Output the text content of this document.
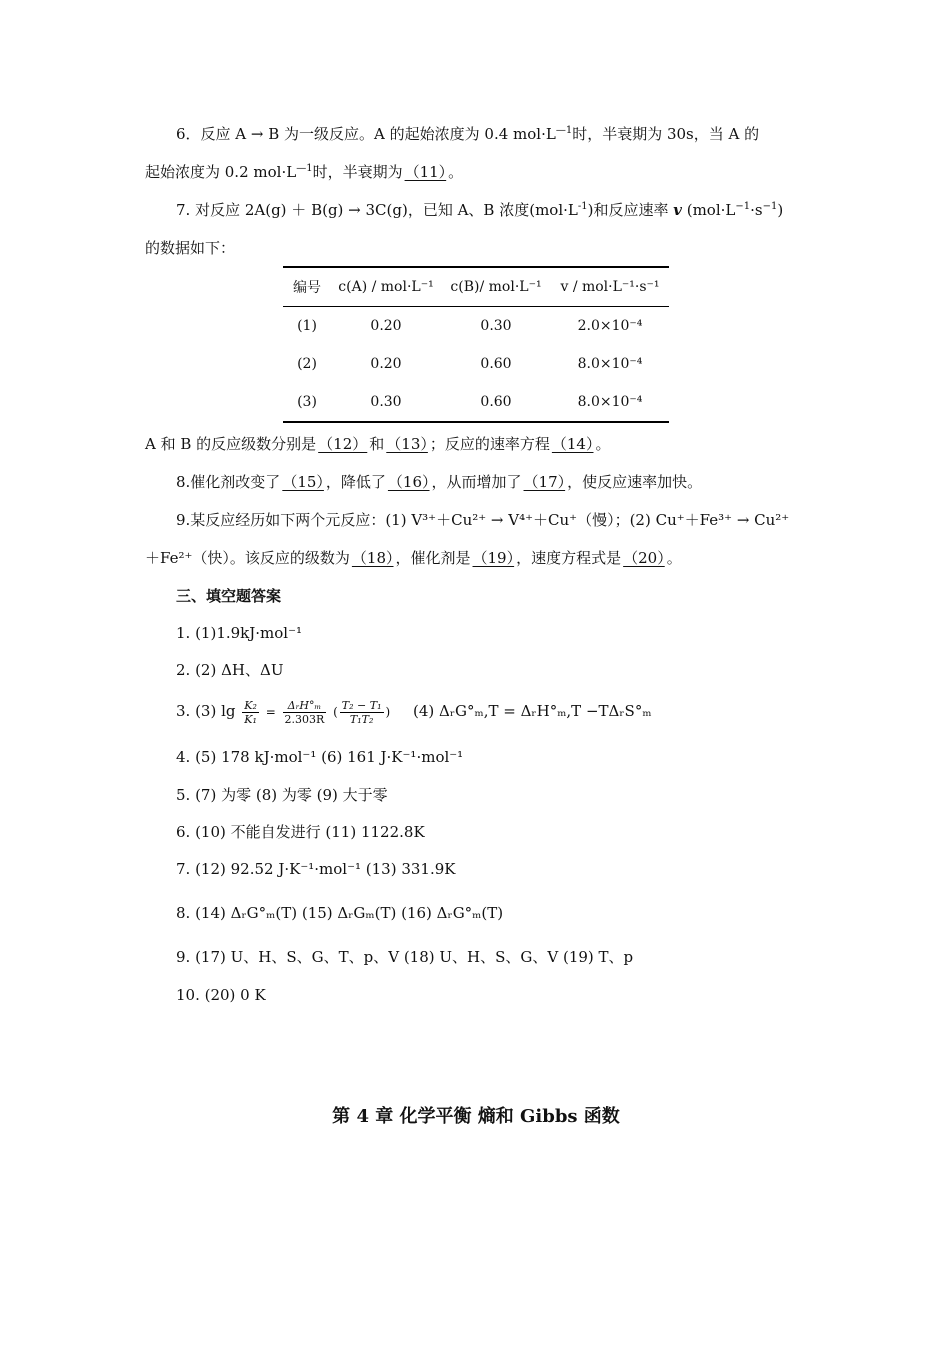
6．反应 A → B 为一级反应。A 的起始浓度为 0.4 $mol\cdot L^{—1}$时，半衰期为 30s，当 A 的
起始浓度为 0.2 $mol\cdot L^{—1}$时，半衰期为 （11） 。
7. 对反应 2A(g) ＋ B(g) → 3C(g)，已知 A、B 浓度$(mol\cdot L^{-1})$和反应速率 v $(mol\cdot L^{-1}\cdot s^{-1})$
的数据如下：
编号	c(A) / mol·L⁻¹	c(B)/ mol·L⁻¹	v / mol·L⁻¹·s⁻¹
(1)	0.20	0.30	2.0×10⁻⁴
(2)	0.20	0.60	8.0×10⁻⁴
(3)	0.30	0.60	8.0×10⁻⁴
A 和 B 的反应级数分别是 （12） 和 （13） ；反应的速率方程 （14） 。
8.催化剂改变了 （15） ，降低了 （16） ，从而增加了 （17） ，使反应速率加快。
9.某反应经历如下两个元反应：(1) V³⁺＋Cu²⁺ → V⁴⁺＋Cu⁺（慢）；(2) Cu⁺＋Fe³⁺ → Cu²⁺
＋Fe²⁺（快）。该反应的级数为 （18） ，催化剂是 （19） ，速度方程式是 （20） 。
三、填空题答案
1. (1)1.9kJ·mol⁻¹
2. (2) ΔH、ΔU
3. (3) $\lg \frac{\text{K₂}}{\text{K₁}} = \frac{\text{ΔᵣH°ₘ}}{2.303R}$ ( $\frac{\text{T₂ − T₁}}{\text{T₁T₂}}$ ) (4) ΔᵣG°ₘ,T = ΔᵣH°ₘ,T −TΔᵣS°ₘ
4. (5) 178 kJ·mol⁻¹ (6) 161 J·K⁻¹·mol⁻¹
5. (7) 为零 (8) 为零 (9) 大于零
6. (10) 不能自发进行 (11) 1122.8K
7. (12) 92.52 J·K⁻¹·mol⁻¹ (13) 331.9K
8. (14) ΔᵣG°ₘ(T) (15) ΔᵣGₘ(T) (16) ΔᵣG°ₘ(T)
9. (17) U、H、S、G、T、p、V (18) U、H、S、G、V (19) T、p
10. (20) 0 K
第 4 章 化学平衡 熵和 Gibbs 函数
